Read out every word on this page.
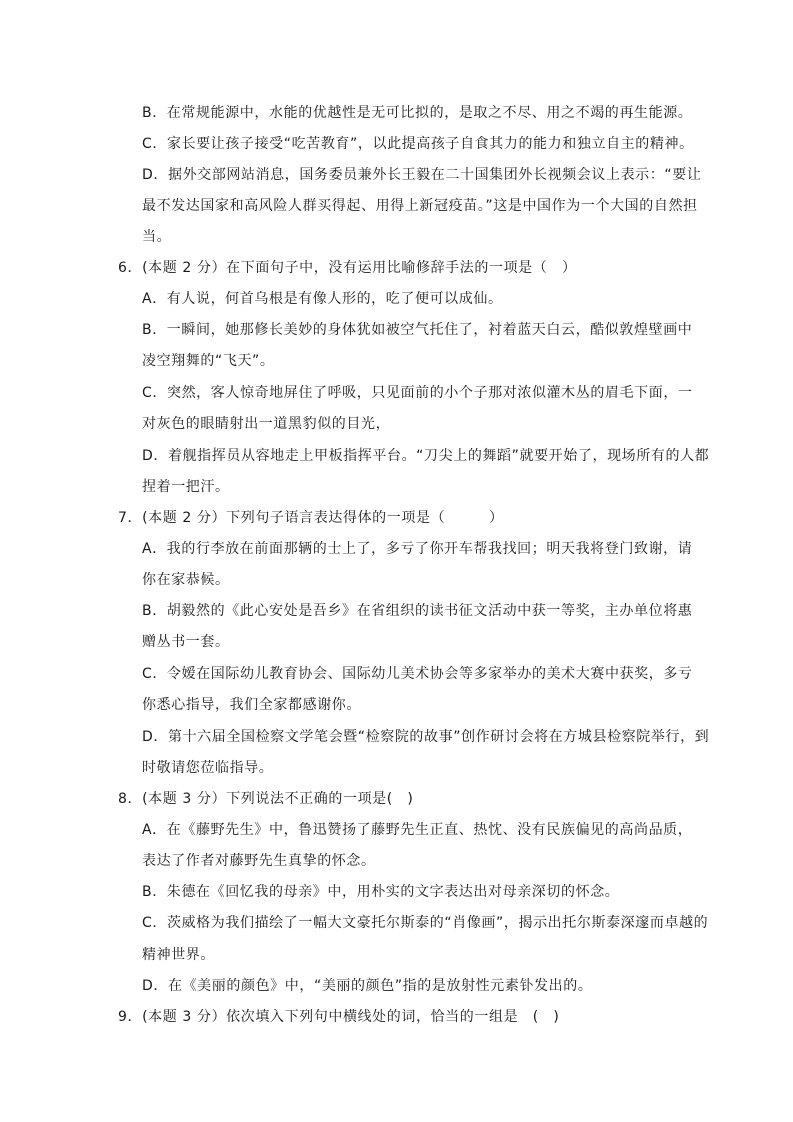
B．在常规能源中，水能的优越性是无可比拟的，是取之不尽、用之不竭的再生能源。
C．家长要让孩子接受“吃苦教育”，以此提高孩子自食其力的能力和独立自主的精神。
D．据外交部网站消息，国务委员兼外长王毅在二十国集团外长视频会议上表示：“要让
最不发达国家和高风险人群买得起、用得上新冠疫苗。”这是中国作为一个大国的自然担
当。
6．(本题 2 分）在下面句子中，没有运用比喻修辞手法的一项是（　）
A．有人说，何首乌根是有像人形的，吃了便可以成仙。
B．一瞬间，她那修长美妙的身体犹如被空气托住了，衬着蓝天白云，酷似敦煌壁画中
凌空翔舞的“飞天”。
C．突然，客人惊奇地屏住了呼吸，只见面前的小个子那对浓似灌木丛的眉毛下面，一
对灰色的眼睛射出一道黑豹似的目光，
D．着舰指挥员从容地走上甲板指挥平台。“刀尖上的舞蹈”就要开始了，现场所有的人都
捏着一把汗。
7．(本题 2 分）下列句子语言表达得体的一项是（　　　）
A．我的行李放在前面那辆的士上了，多亏了你开车帮我找回；明天我将登门致谢，请
你在家恭候。
B．胡毅然的《此心安处是吾乡》在省组织的读书征文活动中获一等奖，主办单位将惠
赠丛书一套。
C．令嫒在国际幼儿教育协会、国际幼儿美术协会等多家举办的美术大赛中获奖，多亏
你悉心指导，我们全家都感谢你。
D．第十六届全国检察文学笔会暨“检察院的故事”创作研讨会将在方城县检察院举行，到
时敬请您莅临指导。
8．(本题 3 分）下列说法不正确的一项是(　)
A．在《藤野先生》中，鲁迅赞扬了藤野先生正直、热忱、没有民族偏见的高尚品质，
表达了作者对藤野先生真挚的怀念。
B．朱德在《回忆我的母亲》中，用朴实的文字表达出对母亲深切的怀念。
C．茨威格为我们描绘了一幅大文豪托尔斯泰的“肖像画”，揭示出托尔斯泰深邃而卓越的
精神世界。
D．在《美丽的颜色》中，“美丽的颜色”指的是放射性元素钋发出的。
9．(本题 3 分）依次填入下列句中横线处的词，恰当的一组是　(　)
